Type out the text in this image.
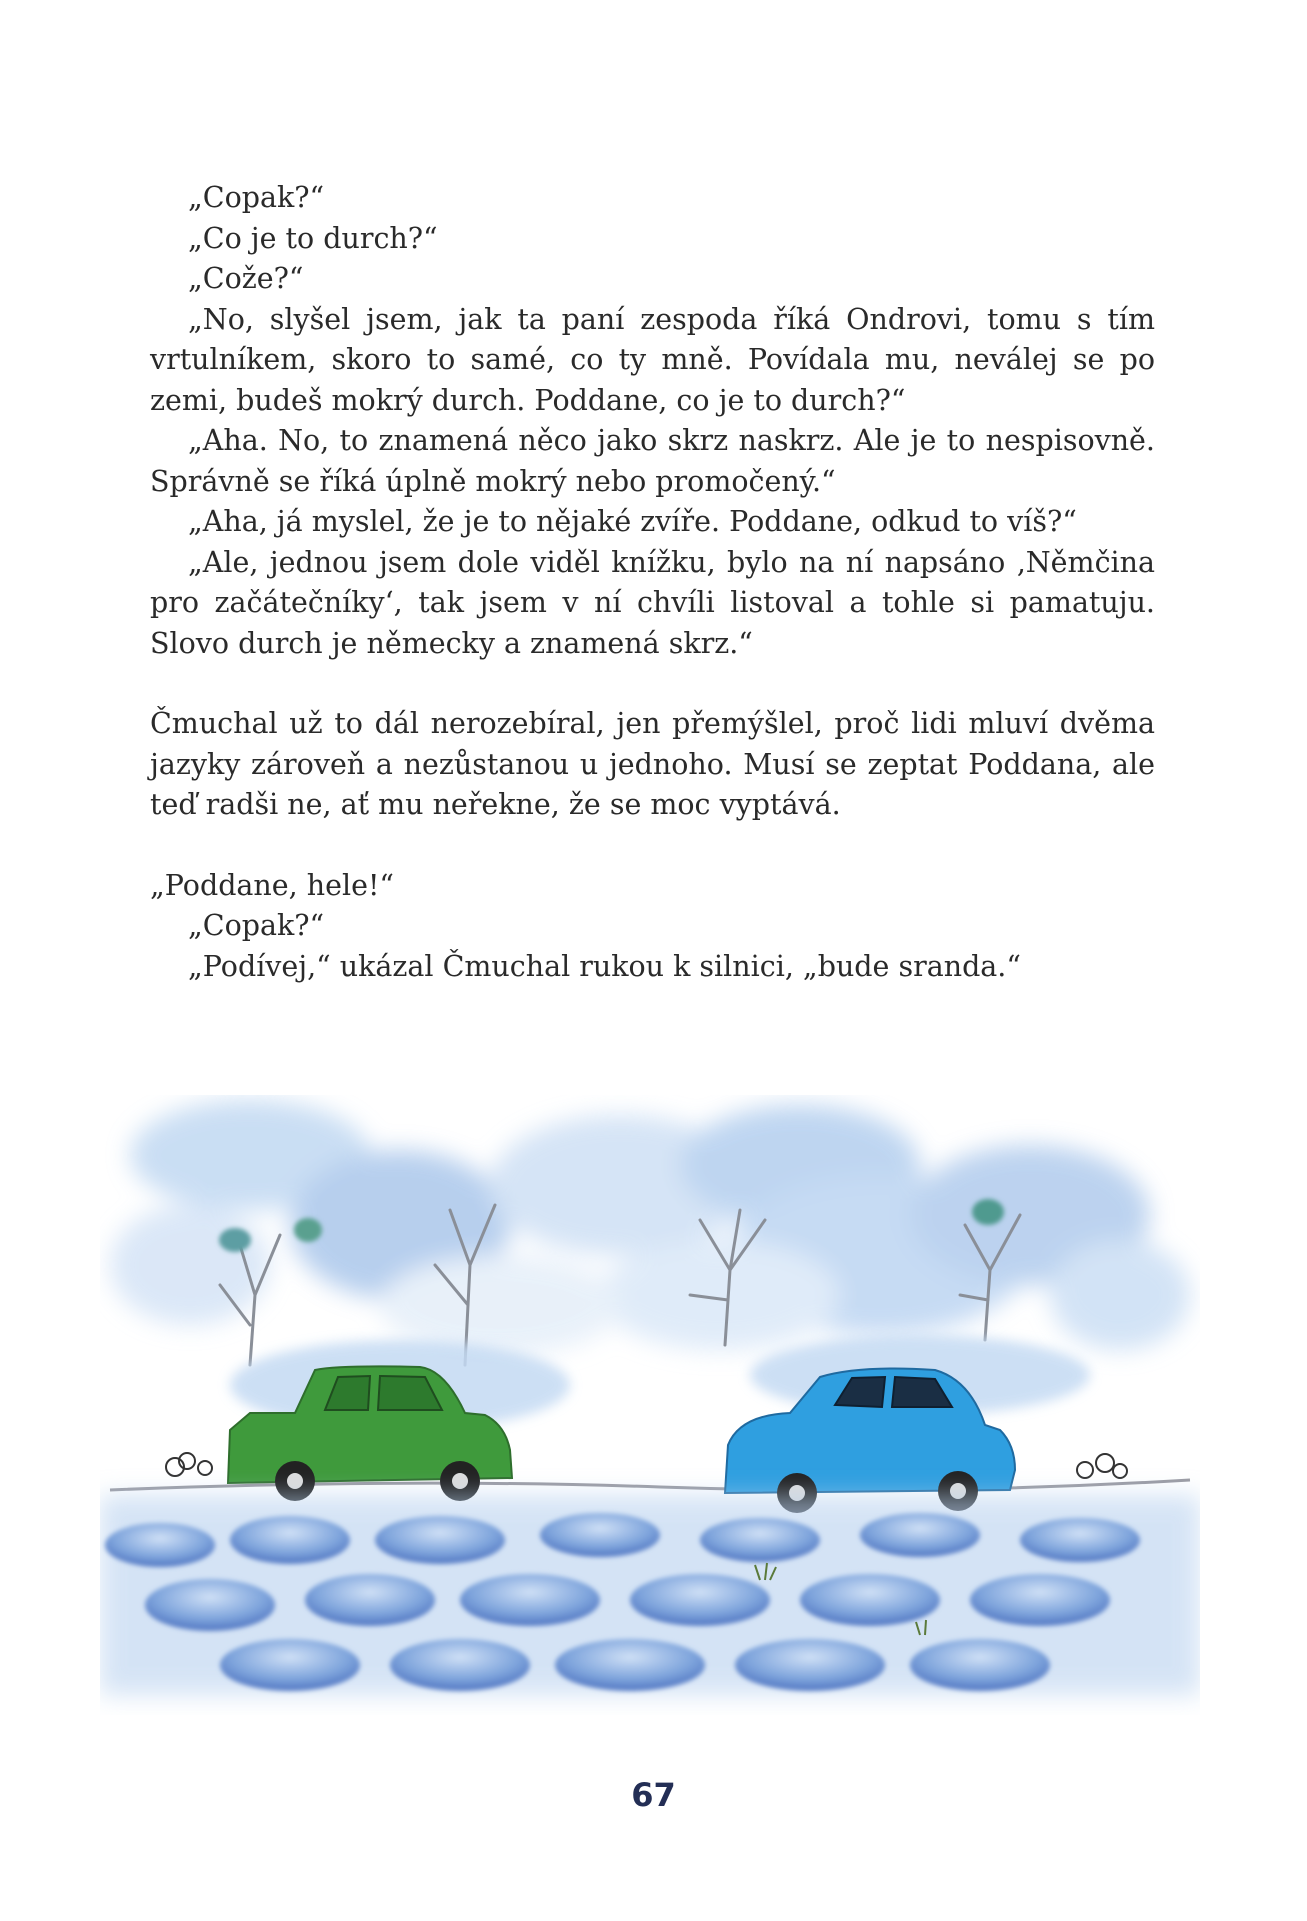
„Copak?“

„Co je to durch?“

„Cože?“

„No, slyšel jsem, jak ta paní zespoda říká Ondrovi, tomu s tím vrtulníkem, skoro to samé, co ty mně. Povídala mu, neválej se po zemi, budeš mokrý durch. Poddane, co je to durch?“

„Aha. No, to znamená něco jako skrz naskrz. Ale je to nespisovně. Správně se říká úplně mokrý nebo promočený.“

„Aha, já myslel, že je to nějaké zvíře. Poddane, odkud to víš?“

„Ale, jednou jsem dole viděl knížku, bylo na ní napsáno ‚Němčina pro začátečníky‘, tak jsem v ní chvíli listoval a tohle si pamatuju. Slovo durch je německy a znamená skrz.“

Čmuchal už to dál nerozebíral, jen přemýšlel, proč lidi mluví dvěma jazyky zároveň a nezůstanou u jednoho. Musí se zeptat Poddana, ale teď radši ne, ať mu neřekne, že se moc vyptává.

„Poddane, hele!“

„Copak?“

„Podívej,“ ukázal Čmuchal rukou k silnici, „bude sranda.“

67
